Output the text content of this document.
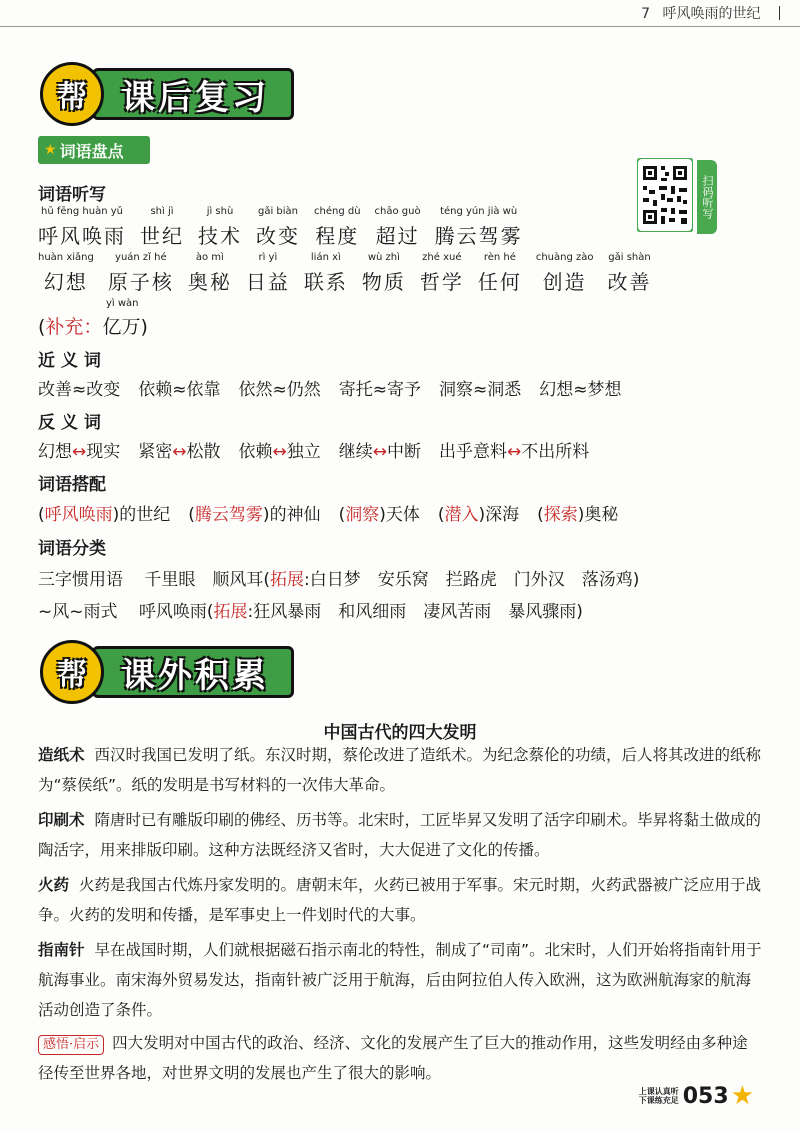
7 呼风唤雨的世纪
帮	课后复习
★ 词语盘点
扫码听写
词语听写
hū fēng huàn yǔ
呼风唤雨
shì jì
世纪
jì shù
技术
gǎi biàn
改变
chéng dù
程度
chāo guò
超过
téng yún jià wù
腾云驾雾
huàn xiǎng
幻想
yuán zǐ hé
原子核
ào mì
奥秘
rì yì
日益
lián xì
联系
wù zhì
物质
zhé xué
哲学
rèn hé
任何
chuàng zào
创造
gǎi shàn
改善
yì wàn
(补充：亿万)
近 义 词
改善≈改变 依赖≈依靠 依然≈仍然 寄托≈寄予 洞察≈洞悉 幻想≈梦想
反 义 词
幻想↔现实 紧密↔松散 依赖↔独立 继续↔中断 出乎意料↔不出所料
词语搭配
(呼风唤雨)的世纪 (腾云驾雾)的神仙 (洞察)天体 (潜入)深海 (探索)奥秘
词语分类
三字惯用语 千里眼　顺风耳(拓展:白日梦　安乐窝　拦路虎　门外汉　落汤鸡)
~风~雨式 呼风唤雨(拓展:狂风暴雨　和风细雨　凄风苦雨　暴风骤雨)
帮	课外积累
中国古代的四大发明
造纸术 西汉时我国已发明了纸。东汉时期，蔡伦改进了造纸术。为纪念蔡伦的功绩，后人将其改进的纸称为“蔡侯纸”。纸的发明是书写材料的一次伟大革命。
印刷术 隋唐时已有雕版印刷的佛经、历书等。北宋时，工匠毕昇又发明了活字印刷术。毕昇将黏土做成的陶活字，用来排版印刷。这种方法既经济又省时，大大促进了文化的传播。
火药 火药是我国古代炼丹家发明的。唐朝末年，火药已被用于军事。宋元时期，火药武器被广泛应用于战争。火药的发明和传播，是军事史上一件划时代的大事。
指南针 早在战国时期，人们就根据磁石指示南北的特性，制成了“司南”。北宋时，人们开始将指南针用于航海事业。南宋海外贸易发达，指南针被广泛用于航海，后由阿拉伯人传入欧洲，这为欧洲航海家的航海活动创造了条件。
感悟·启示 四大发明对中国古代的政治、经济、文化的发展产生了巨大的推动作用，这些发明经由多种途径传至世界各地，对世界文明的发展也产生了很大的影响。
上课认真听
下课练充足 053 ★
